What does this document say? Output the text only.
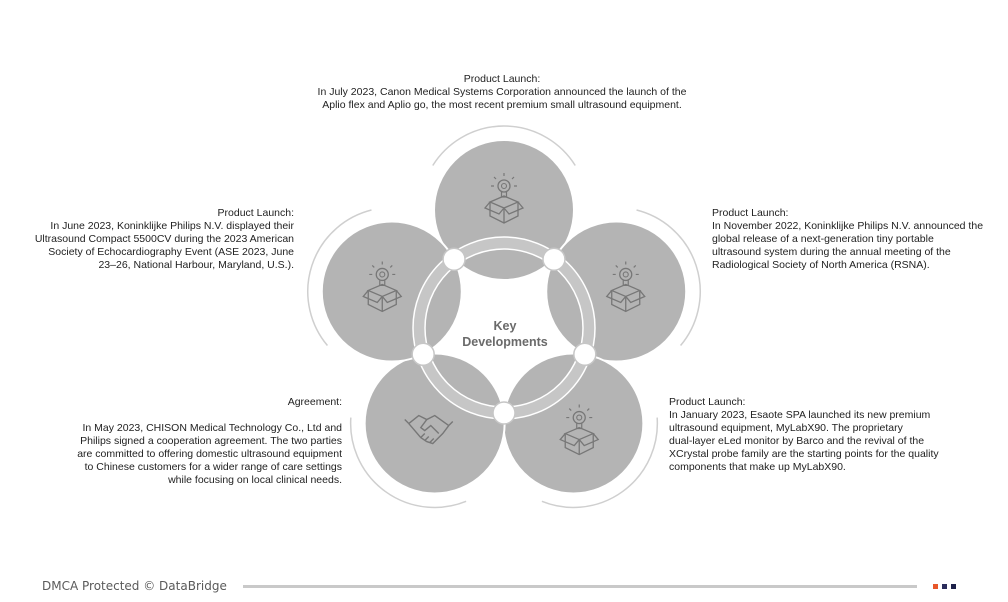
Key
Developments
Product Launch:
In July 2023, Canon Medical Systems Corporation announced the launch of the
Aplio flex and Aplio go, the most recent premium small ultrasound equipment.
Product Launch:
In November 2022, Koninklijke Philips N.V. announced the
global release of a next-generation tiny portable
ultrasound system during the annual meeting of the
Radiological Society of North America (RSNA).
Product Launch:
In January 2023, Esaote SPA launched its new premium
ultrasound equipment, MyLabX90. The proprietary
dual-layer eLed monitor by Barco and the revival of the
XCrystal probe family are the starting points for the quality
components that make up MyLabX90.
Agreement:
In May 2023, CHISON Medical Technology Co., Ltd and
Philips signed a cooperation agreement. The two parties
are committed to offering domestic ultrasound equipment
to Chinese customers for a wider range of care settings
while focusing on local clinical needs.
Product Launch:
In June 2023, Koninklijke Philips N.V. displayed their
Ultrasound Compact 5500CV during the 2023 American
Society of Echocardiography Event (ASE 2023, June
23–26, National Harbour, Maryland, U.S.).
DMCA Protected © DataBridge
